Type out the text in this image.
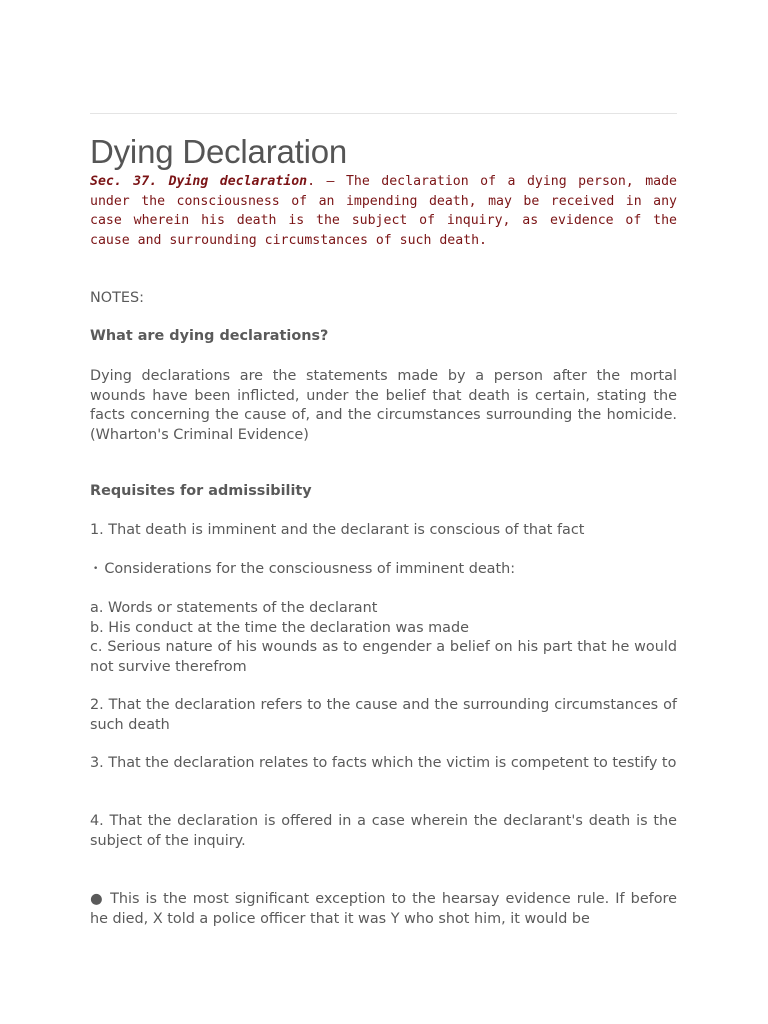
Dying Declaration

Sec. 37. Dying declaration. – The declaration of a dying person, made under the consciousness of an impending death, may be received in any case wherein his death is the subject of inquiry, as evidence of the cause and surrounding circumstances of such death.

NOTES:

What are dying declarations?

Dying declarations are the statements made by a person after the mortal wounds have been inflicted, under the belief that death is certain, stating the facts concerning the cause of, and the circumstances surrounding the homicide. (Wharton's Criminal Evidence)

Requisites for admissibility

1. That death is imminent and the declarant is conscious of that fact

• Considerations for the consciousness of imminent death:

a. Words or statements of the declarant

b. His conduct at the time the declaration was made

c. Serious nature of his wounds as to engender a belief on his part that he would not survive therefrom

2. That the declaration refers to the cause and the surrounding circumstances of such death

3. That the declaration relates to facts which the victim is competent to testify to

4. That the declaration is offered in a case wherein the declarant's death is the subject of the inquiry.

● This is the most significant exception to the hearsay evidence rule. If before he died, X told a police officer that it was Y who shot him, it would be
